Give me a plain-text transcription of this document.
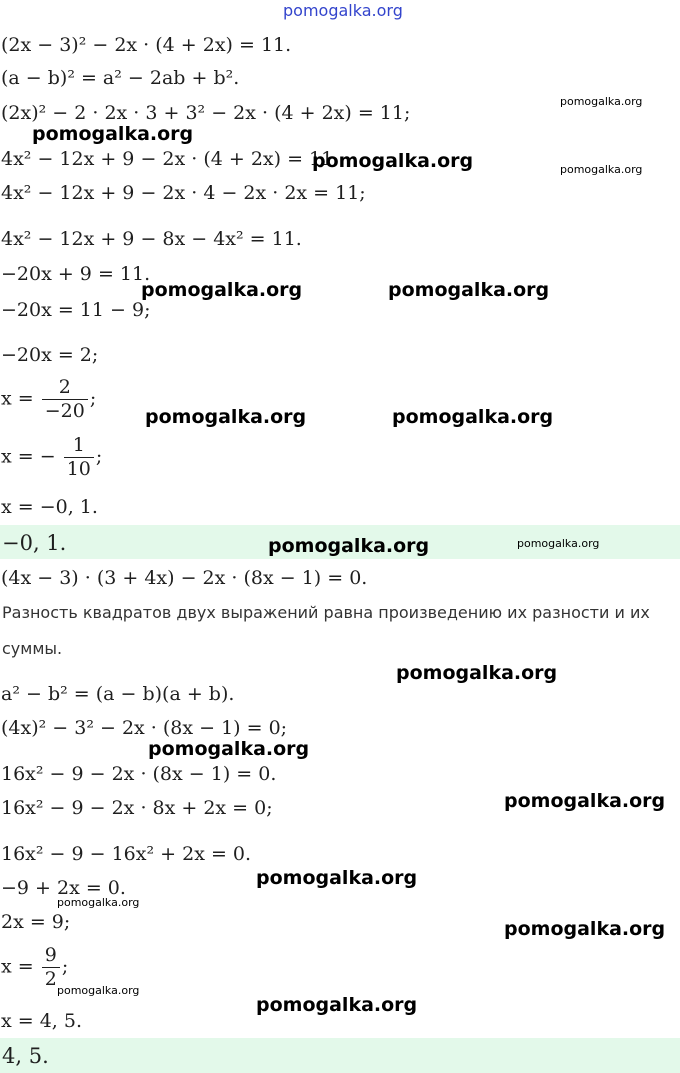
pomogalka.org
(2x − 3)² − 2x · (4 + 2x) = 11.
(a − b)² = a² − 2ab + b².
(2x)² − 2 · 2x · 3 + 3² − 2x · (4 + 2x) = 11;
4x² − 12x + 9 − 2x · (4 + 2x) = 11
4x² − 12x + 9 − 2x · 4 − 2x · 2x = 11;
4x² − 12x + 9 − 8x − 4x² = 11.
−20x + 9 = 11.
−20x = 11 − 9;
−20x = 2;
$x = \frac{2}{-20}$ ;
x = − $\frac{1}{10}$ ;
x = −0, 1.
−0, 1.
(4x − 3) · (3 + 4x) − 2x · (8x − 1) = 0.
Разность квадратов двух выражений равна произведению их разности и их
суммы.
a² − b² = (a − b)(a + b).
(4x)² − 3² − 2x · (8x − 1) = 0;
16x² − 9 − 2x · (8x − 1) = 0.
16x² − 9 − 2x · 8x + 2x = 0;
16x² − 9 − 16x² + 2x = 0.
−9 + 2x = 0.
2x = 9;
$x = \frac{9}{2}$ ;
x = 4, 5.
4, 5.
pomogalka.org
pomogalka.org
pomogalka.org	pomogalka.org
pomogalka.org	pomogalka.org
pomogalka.org	pomogalka.org
pomogalka.org	pomogalka.org
pomogalka.org
pomogalka.org
pomogalka.org
pomogalka.org
pomogalka.org
pomogalka.org
pomogalka.org
pomogalka.org
